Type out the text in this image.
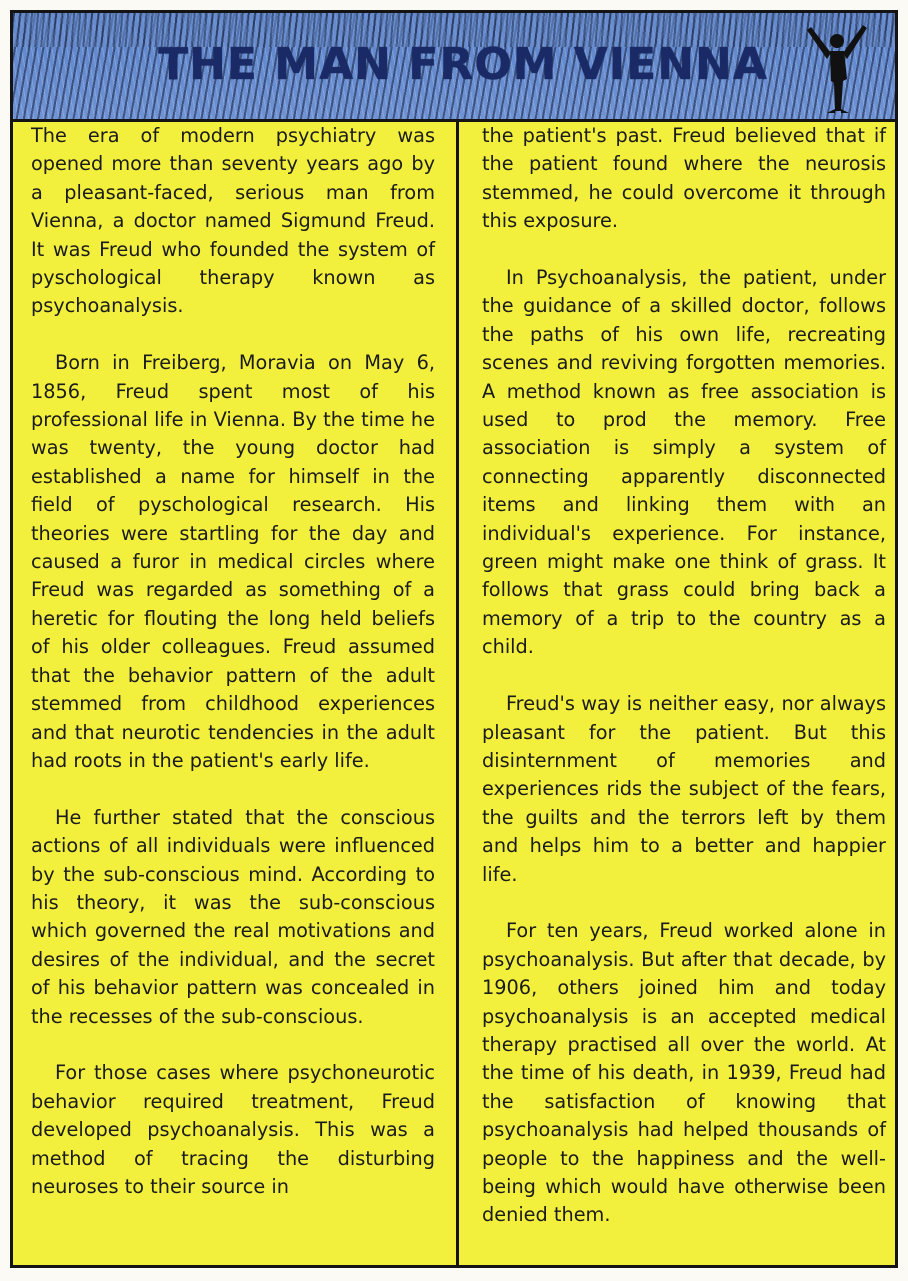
THE MAN FROM VIENNA

The era of modern psychiatry was opened more than seventy years ago by a pleasant-faced, serious man from Vienna, a doctor named Sigmund Freud. It was Freud who founded the system of pyschological therapy known as psychoanalysis.

Born in Freiberg, Moravia on May 6, 1856, Freud spent most of his professional life in Vienna. By the time he was twenty, the young doctor had established a name for himself in the field of pyschological research. His theories were startling for the day and caused a furor in medical circles where Freud was regarded as something of a heretic for flouting the long held beliefs of his older colleagues. Freud assumed that the behavior pattern of the adult stemmed from childhood experiences and that neurotic tendencies in the adult had roots in the patient's early life.

He further stated that the conscious actions of all individuals were influenced by the sub-conscious mind. According to his theory, it was the sub-conscious which governed the real motivations and desires of the individual, and the secret of his behavior pattern was concealed in the recesses of the sub-conscious.

For those cases where psychoneurotic behavior required treatment, Freud developed psychoanalysis. This was a method of tracing the disturbing neuroses to their source in

the patient's past. Freud believed that if the patient found where the neurosis stemmed, he could overcome it through this exposure.

In Psychoanalysis, the patient, under the guidance of a skilled doctor, follows the paths of his own life, recreating scenes and reviving forgotten memories. A method known as free association is used to prod the memory. Free association is simply a system of connecting apparently disconnected items and linking them with an individual's experience. For instance, green might make one think of grass. It follows that grass could bring back a memory of a trip to the country as a child.

Freud's way is neither easy, nor always pleasant for the patient. But this disinternment of memories and experiences rids the subject of the fears, the guilts and the terrors left by them and helps him to a better and happier life.

For ten years, Freud worked alone in psychoanalysis. But after that decade, by 1906, others joined him and today psychoanalysis is an accepted medical therapy practised all over the world. At the time of his death, in 1939, Freud had the satisfaction of knowing that psychoanalysis had helped thousands of people to the happiness and the well-being which would have otherwise been denied them.
